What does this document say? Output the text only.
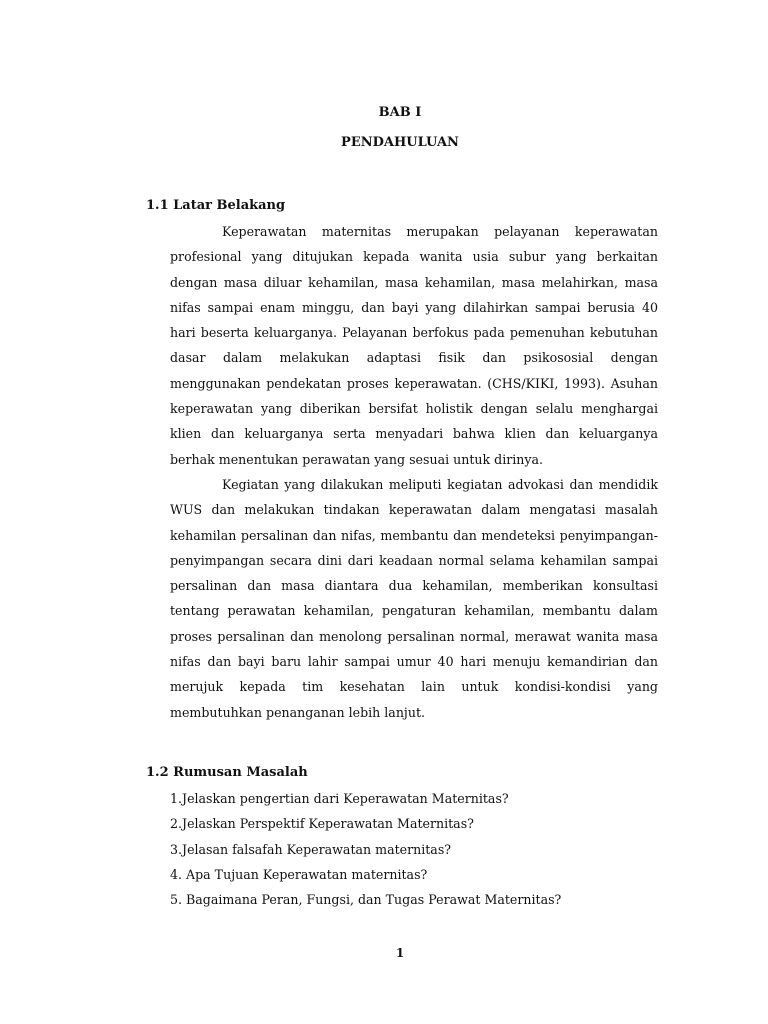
BAB I
PENDAHULUAN
1.1 Latar Belakang

Keperawatan maternitas merupakan pelayanan keperawatan profesional yang ditujukan kepada wanita usia subur yang berkaitan dengan masa diluar kehamilan, masa kehamilan, masa melahirkan, masa nifas sampai enam minggu, dan bayi yang dilahirkan sampai berusia 40 hari beserta keluarganya. Pelayanan berfokus pada pemenuhan kebutuhan dasar dalam melakukan adaptasi fisik dan psikososial dengan menggunakan pendekatan proses keperawatan. (CHS/KIKI, 1993). Asuhan keperawatan yang diberikan bersifat holistik dengan selalu menghargai klien dan keluarganya serta menyadari bahwa klien dan keluarganya berhak menentukan perawatan yang sesuai untuk dirinya.

Kegiatan yang dilakukan meliputi kegiatan advokasi dan mendidik WUS dan melakukan tindakan keperawatan dalam mengatasi masalah kehamilan persalinan dan nifas, membantu dan mendeteksi penyimpangan-penyimpangan secara dini dari keadaan normal selama kehamilan sampai persalinan dan masa diantara dua kehamilan, memberikan konsultasi tentang perawatan kehamilan, pengaturan kehamilan, membantu dalam proses persalinan dan menolong persalinan normal, merawat wanita masa nifas dan bayi baru lahir sampai umur 40 hari menuju kemandirian dan merujuk kepada tim kesehatan lain untuk kondisi-kondisi yang membutuhkan penanganan lebih lanjut.

1.2 Rumusan Masalah
1.Jelaskan pengertian dari Keperawatan Maternitas?
2.Jelaskan Perspektif Keperawatan Maternitas?
3.Jelasan falsafah Keperawatan maternitas?
4. Apa Tujuan Keperawatan maternitas?
5. Bagaimana Peran, Fungsi, dan Tugas Perawat Maternitas?
1
